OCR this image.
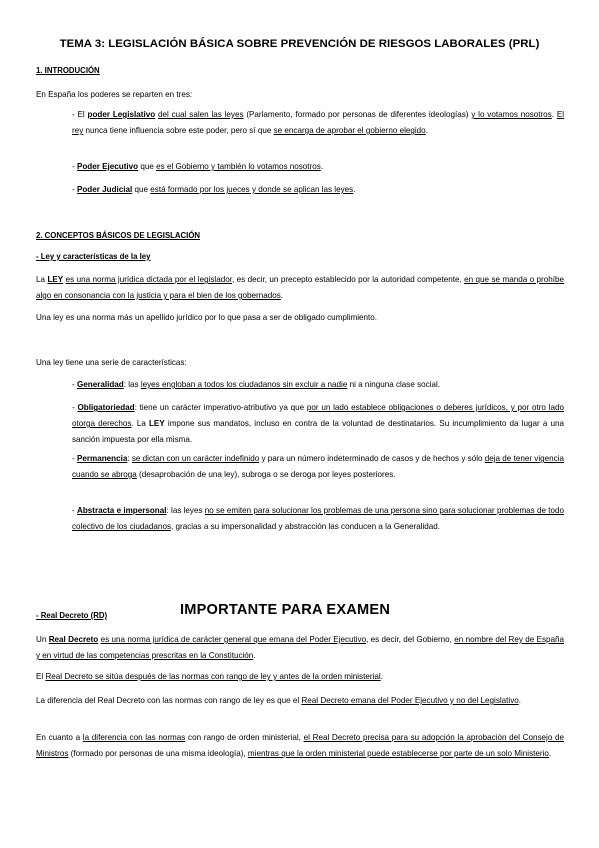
TEMA 3: LEGISLACIÓN BÁSICA SOBRE PREVENCIÓN DE RIESGOS LABORALES (PRL)

1. INTRODUCIÓN

En España los poderes se reparten en tres:

- El poder Legislativo del cual salen las leyes (Parlamento, formado por personas de diferentes ideologías) y lo votamos nosotros. El rey nunca tiene influencia sobre este poder, pero sí que se encarga de aprobar el gobierno elegido.

- Poder Ejecutivo que es el Gobierno y también lo votamos nosotros.

- Poder Judicial que está formado por los jueces y donde se aplican las leyes.

2. CONCEPTOS BÁSICOS DE LEGISLACIÓN

- Ley y características de la ley

La LEY es una norma jurídica dictada por el legislador, es decir, un precepto establecido por la autoridad competente, en que se manda o prohíbe algo en consonancia con la justicia y para el bien de los gobernados.

Una ley es una norma más un apellido jurídico por lo que pasa a ser de obligado cumplimiento.

Una ley tiene una serie de características:

- Generalidad: las leyes engloban a todos los ciudadanos sin excluir a nadie ni a ninguna clase social.

- Obligatoriedad: tiene un carácter imperativo-atributivo ya que por un lado establece obligaciones o deberes jurídicos, y por otro lado otorga derechos. La LEY impone sus mandatos, incluso en contra de la voluntad de destinatarios. Su incumplimiento da lugar a una sanción impuesta por ella misma.

- Permanencia: se dictan con un carácter indefinido y para un número indeterminado de casos y de hechos y sólo deja de tener vigencia cuando se abroga (desaprobación de una ley), subroga o se deroga por leyes posteriores.

- Abstracta e impersonal: las leyes no se emiten para solucionar los problemas de una persona sino para solucionar problemas de todo colectivo de los ciudadanos, gracias a su impersonalidad y abstracción las conducen a la Generalidad.

- Real Decreto (RD)	IMPORTANTE PARA EXAMEN

Un Real Decreto es una norma jurídica de carácter general que emana del Poder Ejecutivo, es decir, del Gobierno, en nombre del Rey de España y en virtud de las competencias prescritas en la Constitución.

El Real Decreto se sitúa después de las normas con rango de ley y antes de la orden ministerial.

La diferencia del Real Decreto con las normas con rango de ley es que el Real Decreto emana del Poder Ejecutivo y no del Legislativo.

En cuanto a la diferencia con las normas con rango de orden ministerial, el Real Decreto precisa para su adopción la aprobación del Consejo de Ministros (formado por personas de una misma ideología), mientras que la orden ministerial puede establecerse por parte de un solo Ministerio.
